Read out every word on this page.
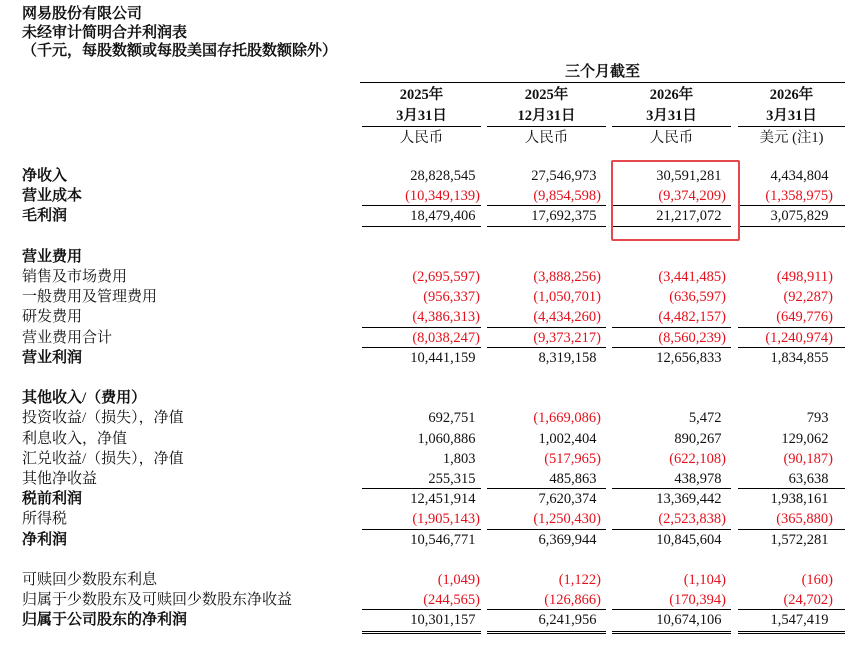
网易股份有限公司
未经审计简明合并利润表
（千元，每股数额或每股美国存托股数额除外）
三个月截至
2025年	2025年	2026年	2026年
3月31日	12月31日	3月31日	3月31日
人民币	人民币	人民币	美元 (注1)
净收入	28,828,545	27,546,973	30,591,281	4,434,804
营业成本	(10,349,139)	(9,854,598)	(9,374,209)	(1,358,975)
毛利润	18,479,406	17,692,375	21,217,072	3,075,829
营业费用
销售及市场费用	(2,695,597)	(3,888,256)	(3,441,485)	(498,911)
一般费用及管理费用	(956,337)	(1,050,701)	(636,597)	(92,287)
研发费用	(4,386,313)	(4,434,260)	(4,482,157)	(649,776)
营业费用合计	(8,038,247)	(9,373,217)	(8,560,239)	(1,240,974)
营业利润	10,441,159	8,319,158	12,656,833	1,834,855
其他收入/（费用）
投资收益/（损失），净值	692,751	(1,669,086)	5,472	793
利息收入，净值	1,060,886	1,002,404	890,267	129,062
汇兑收益/（损失），净值	1,803	(517,965)	(622,108)	(90,187)
其他净收益	255,315	485,863	438,978	63,638
税前利润	12,451,914	7,620,374	13,369,442	1,938,161
所得税	(1,905,143)	(1,250,430)	(2,523,838)	(365,880)
净利润	10,546,771	6,369,944	10,845,604	1,572,281
可赎回少数股东利息	(1,049)	(1,122)	(1,104)	(160)
归属于少数股东及可赎回少数股东净收益	(244,565)	(126,866)	(170,394)	(24,702)
归属于公司股东的净利润	10,301,157	6,241,956	10,674,106	1,547,419
